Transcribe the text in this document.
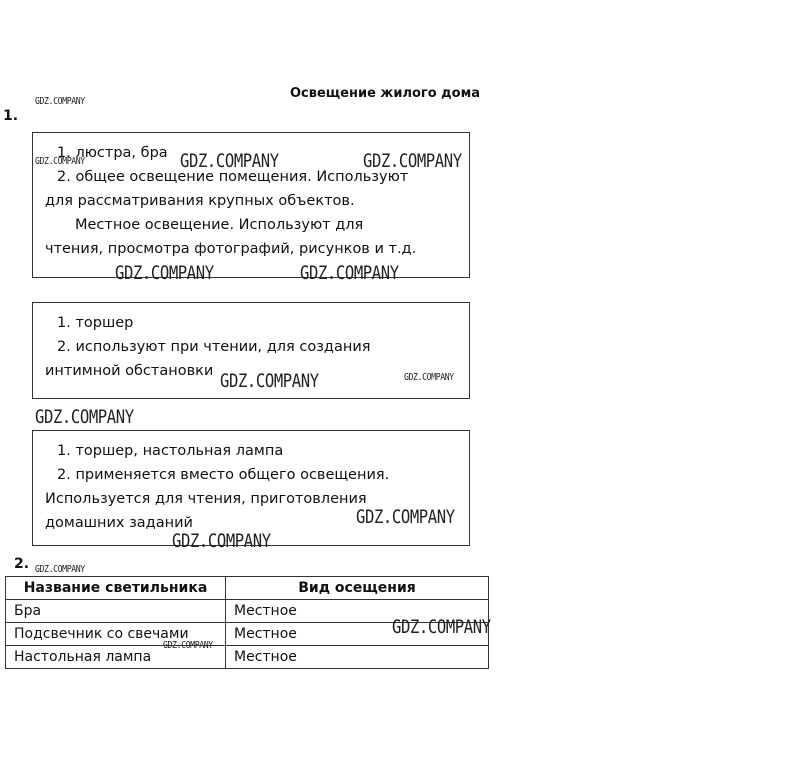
Освещение жилого дома
1.

1. люстра, бра

2. общее освещение помещения. Используют

для рассматривания крупных объектов.

Местное освещение. Используют для

чтения, просмотра фотографий, рисунков и т.д.

1. торшер

2. используют при чтении, для создания

интимной обстановки

1. торшер, настольная лампа

2. применяется вместо общего освещения.

Используется для чтения, приготовления

домашних заданий

2.
Название светильника	Вид осещения
Бра	Местное
Подсвечник со свечами	Местное
Настольная лампа	Местное
GDZ.COMPANY
GDZ.COMPANY	GDZ.COMPANY	GDZ.COMPANY
GDZ.COMPANY	GDZ.COMPANY
GDZ.COMPANY	GDZ.COMPANY
GDZ.COMPANY
GDZ.COMPANY
GDZ.COMPANY
GDZ.COMPANY
GDZ.COMPANY
GDZ.COMPANY
